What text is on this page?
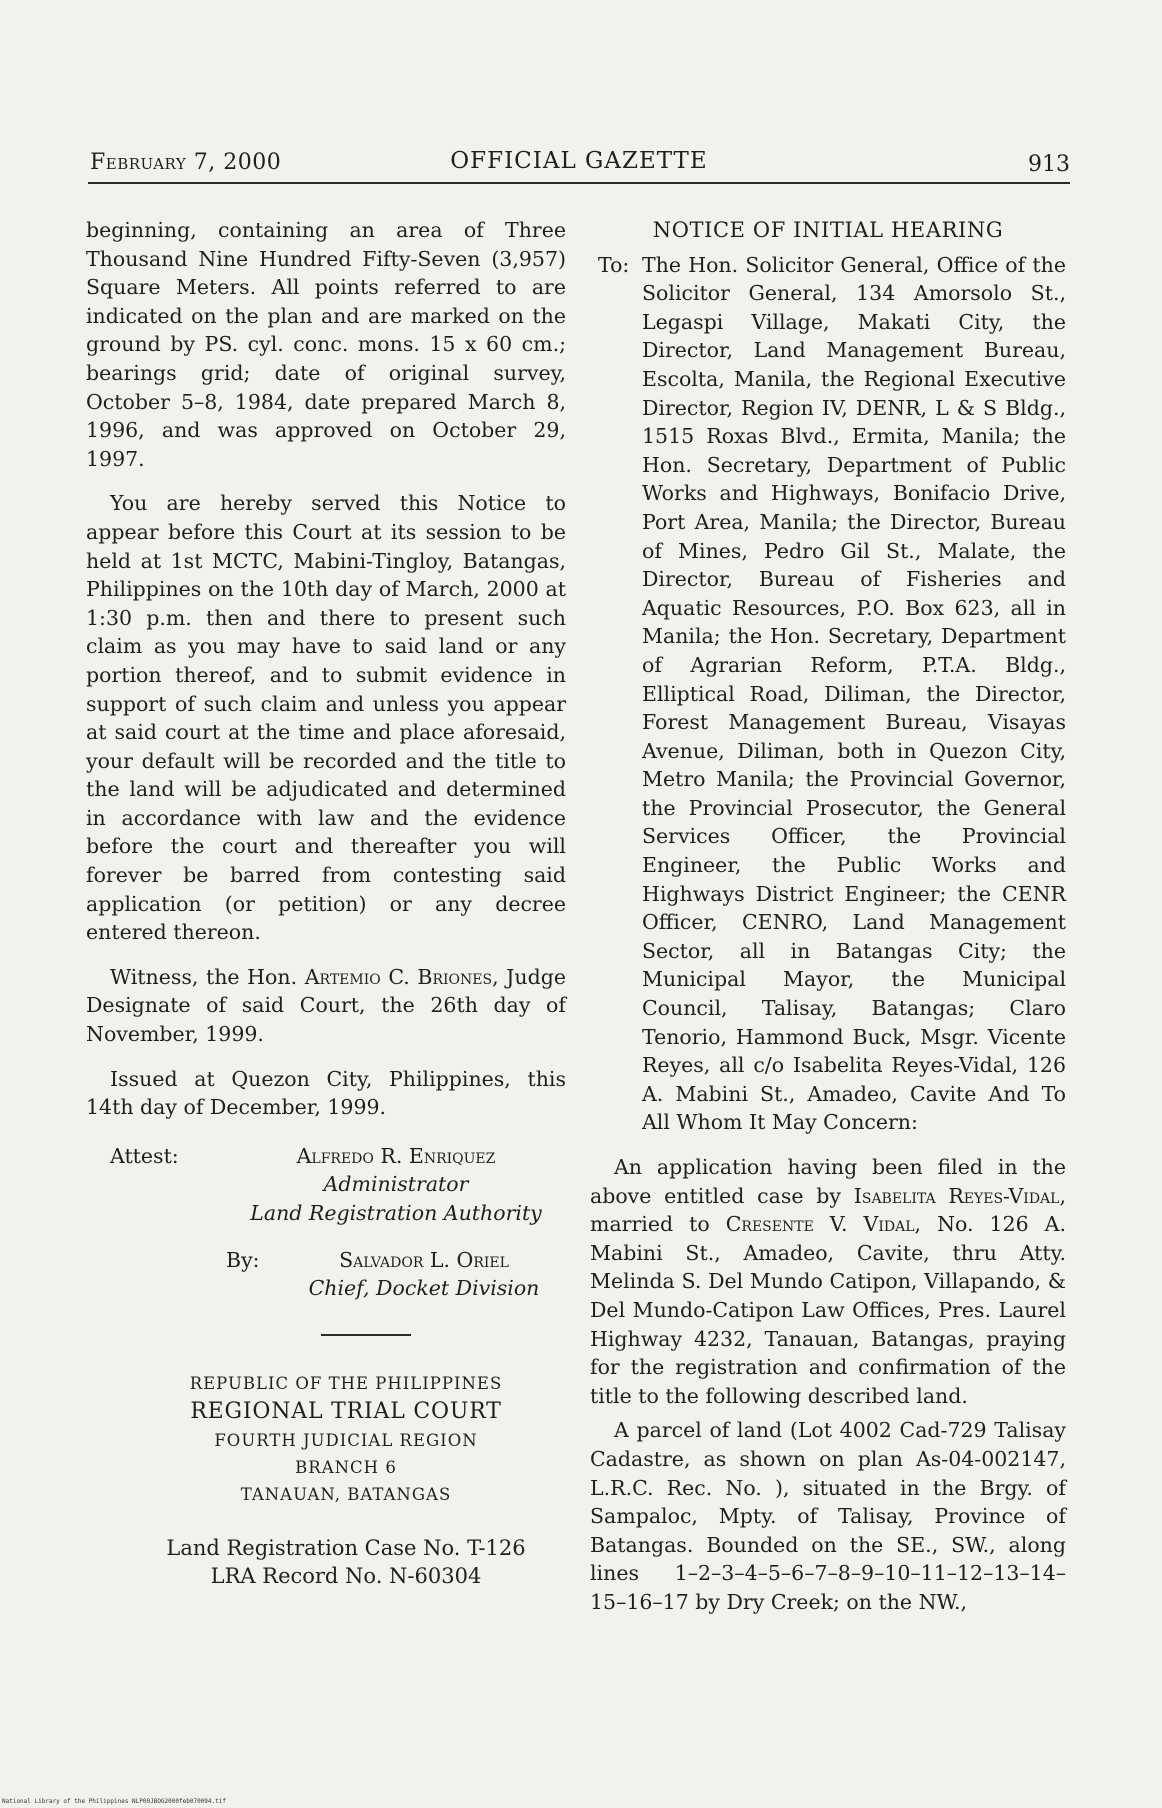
February 7, 2000	OFFICIAL GAZETTE	913

beginning, containing an area of Three Thousand Nine Hundred Fifty-Seven (3,957) Square Meters. All points referred to are indicated on the plan and are marked on the ground by PS. cyl. conc. mons. 15 x 60 cm.; bearings grid; date of original survey, October 5–8, 1984, date prepared March 8, 1996, and was approved on October 29, 1997.

You are hereby served this Notice to appear before this Court at its session to be held at 1st MCTC, Mabini-Tingloy, Batangas, Philippines on the 10th day of March, 2000 at 1:30 p.m. then and there to present such claim as you may have to said land or any portion thereof, and to submit evidence in support of such claim and unless you appear at said court at the time and place aforesaid, your default will be recorded and the title to the land will be adjudicated and determined in accordance with law and the evidence before the court and thereafter you will forever be barred from contesting said application (or petition) or any decree entered thereon.

Witness, the Hon. Artemio C. Briones, Judge Designate of said Court, the 26th day of November, 1999.

Issued at Quezon City, Philippines, this 14th day of December, 1999.

Attest:	Alfredo R. Enriquez
Administrator
Land Registration Authority
By:	Salvador L. Oriel
Chief, Docket Division
REPUBLIC OF THE PHILIPPINES
REGIONAL TRIAL COURT
FOURTH JUDICIAL REGION
BRANCH 6
TANAUAN, BATANGAS
Land Registration Case No. T-126
LRA Record No. N-60304
NOTICE OF INITIAL HEARING
To: The Hon. Solicitor General, Office of the Solicitor General, 134 Amorsolo St., Legaspi Village, Makati City, the Director, Land Management Bureau, Escolta, Manila, the Regional Executive Director, Region IV, DENR, L & S Bldg., 1515 Roxas Blvd., Ermita, Manila; the Hon. Secretary, Department of Public Works and Highways, Bonifacio Drive, Port Area, Manila; the Director, Bureau of Mines, Pedro Gil St., Malate, the Director, Bureau of Fisheries and Aquatic Resources, P.O. Box 623, all in Manila; the Hon. Secretary, Department of Agrarian Reform, P.T.A. Bldg., Elliptical Road, Diliman, the Director, Forest Management Bureau, Visayas Avenue, Diliman, both in Quezon City, Metro Manila; the Provincial Governor, the Provincial Prosecutor, the General Services Officer, the Provincial Engineer, the Public Works and Highways District Engineer; the CENR Officer, CENRO, Land Management Sector, all in Batangas City; the Municipal Mayor, the Municipal Council, Talisay, Batangas; Claro Tenorio, Hammond Buck, Msgr. Vicente Reyes, all c/o Isabelita Reyes-Vidal, 126 A. Mabini St., Amadeo, Cavite And To All Whom It May Concern:

An application having been filed in the above entitled case by Isabelita Reyes-Vidal, married to Cresente V. Vidal, No. 126 A. Mabini St., Amadeo, Cavite, thru Atty. Melinda S. Del Mundo Catipon, Villapando, & Del Mundo-Catipon Law Offices, Pres. Laurel Highway 4232, Tanauan, Batangas, praying for the registration and confirmation of the title to the following described land.

A parcel of land (Lot 4002 Cad-729 Talisay Cadastre, as shown on plan As-04-002147, L.R.C. Rec. No. ), situated in the Brgy. of Sampaloc, Mpty. of Talisay, Province of Batangas. Bounded on the SE., SW., along lines 1–2–3–4–5–6–7–8–9–10–11–12–13–14–15–16–17 by Dry Creek; on the NW.,

National Library of the Philippines NLP00JBOG2000feb070094.tif
